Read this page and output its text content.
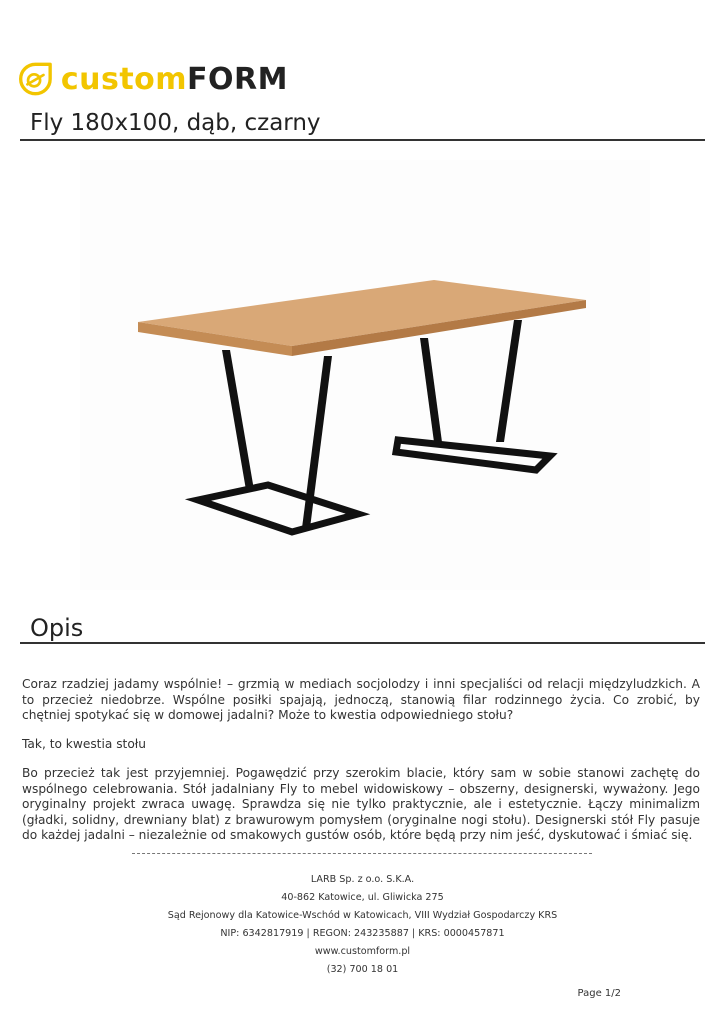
customFORM
Fly 180x100, dąb, czarny
Opis

Coraz rzadziej jadamy wspólnie! – grzmią w mediach socjolodzy i inni specjaliści od relacji międzyludzkich. A to przecież niedobrze. Wspólne posiłki spajają, jednoczą, stanowią filar rodzinnego życia. Co zrobić, by chętniej spotykać się w domowej jadalni? Może to kwestia odpowiedniego stołu?

Tak, to kwestia stołu

Bo przecież tak jest przyjemniej. Pogawędzić przy szerokim blacie, który sam w sobie stanowi zachętę do wspólnego celebrowania. Stół jadalniany Fly to mebel widowiskowy – obszerny, designerski, wyważony. Jego oryginalny projekt zwraca uwagę. Sprawdza się nie tylko praktycznie, ale i estetycznie. Łączy minimalizm (gładki, solidny, drewniany blat) z brawurowym pomysłem (oryginalne nogi stołu). Designerski stół Fly pasuje do każdej jadalni – niezależnie od smakowych gustów osób, które będą przy nim jeść, dyskutować i śmiać się.

LARB Sp. z o.o. S.K.A.

40-862 Katowice, ul. Gliwicka 275

Sąd Rejonowy dla Katowice-Wschód w Katowicach, VIII Wydział Gospodarczy KRS

NIP: 6342817919 | REGON: 243235887 | KRS: 0000457871

www.customform.pl

(32) 700 18 01

Page 1/2
